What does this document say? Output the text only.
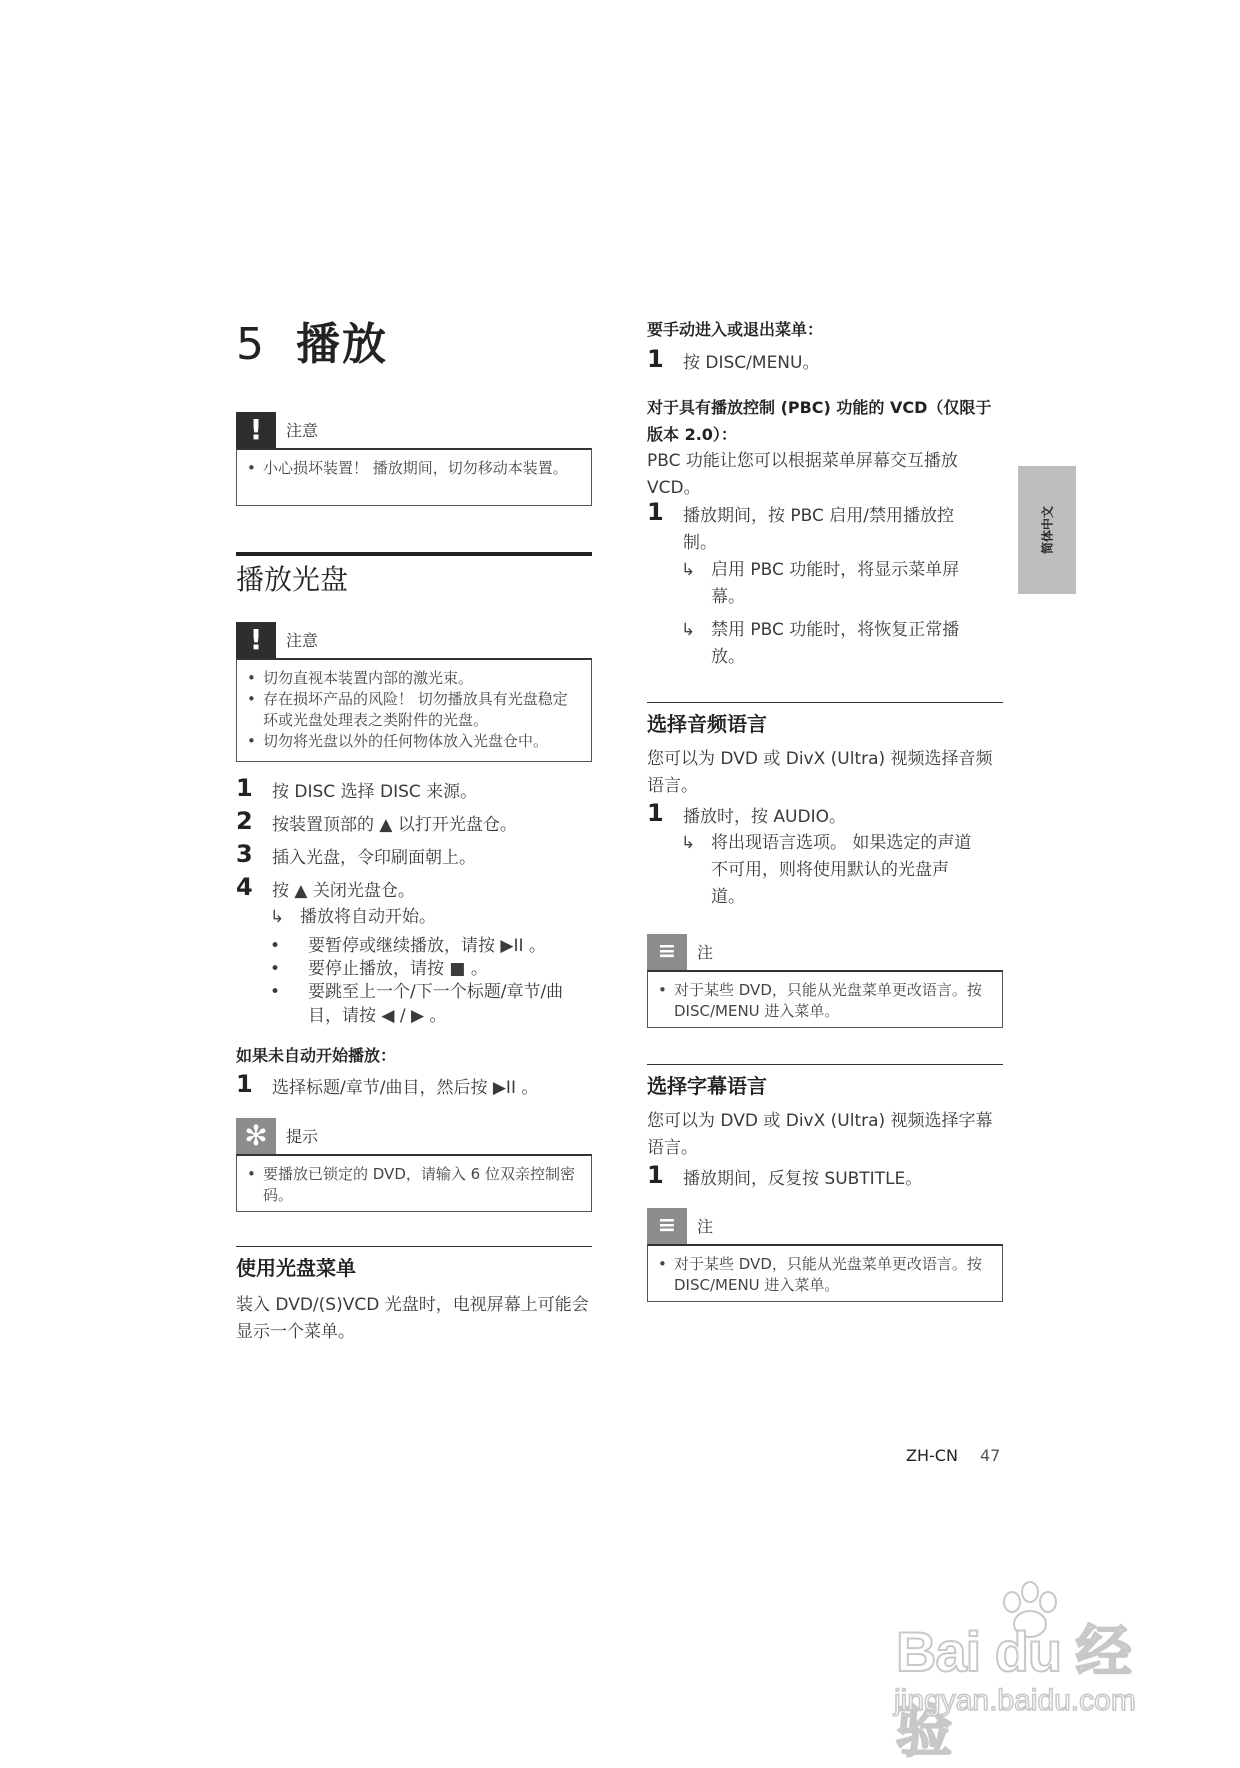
5 播放
!	注意
• 小心损坏装置！ 播放期间，切勿移动本装置。
播放光盘
!	注意
• 切勿直视本装置内部的激光束。
• 存在损坏产品的风险！ 切勿播放具有光盘稳定环或光盘处理表之类附件的光盘。
• 切勿将光盘以外的任何物体放入光盘仓中。
1 按 DISC 选择 DISC 来源。
2 按装置顶部的 ▲ 以打开光盘仓。
3 插入光盘，令印刷面朝上。
4 按 ▲ 关闭光盘仓。
↳ 播放将自动开始。
• 要暂停或继续播放，请按 ▶II 。
• 要停止播放，请按 ■ 。
• 要跳至上一个/下一个标题/章节/曲目，请按 ◀ / ▶ 。
如果未自动开始播放：
1 选择标题/章节/曲目，然后按 ▶II 。
✻	提示
• 要播放已锁定的 DVD，请输入 6 位双亲控制密码。
使用光盘菜单
装入 DVD/(S)VCD 光盘时，电视屏幕上可能会显示一个菜单。
要手动进入或退出菜单：
1 按 DISC/MENU。
对于具有播放控制 (PBC) 功能的 VCD（仅限于版本 2.0）：
PBC 功能让您可以根据菜单屏幕交互播放 VCD。
1 播放期间，按 PBC 启用/禁用播放控制。
↳ 启用 PBC 功能时，将显示菜单屏幕。
↳ 禁用 PBC 功能时，将恢复正常播放。
选择音频语言
您可以为 DVD 或 DivX (Ultra) 视频选择音频语言。
1 播放时，按 AUDIO。
↳ 将出现语言选项。 如果选定的声道不可用，则将使用默认的光盘声道。
≡	注
• 对于某些 DVD，只能从光盘菜单更改语言。按 DISC/MENU 进入菜单。
选择字幕语言
您可以为 DVD 或 DivX (Ultra) 视频选择字幕语言。
1 播放期间，反复按 SUBTITLE。
≡	注
• 对于某些 DVD，只能从光盘菜单更改语言。按 DISC/MENU 进入菜单。
简体中文
ZH-CN 47
Bai du 经验
jingyan.baidu.com
